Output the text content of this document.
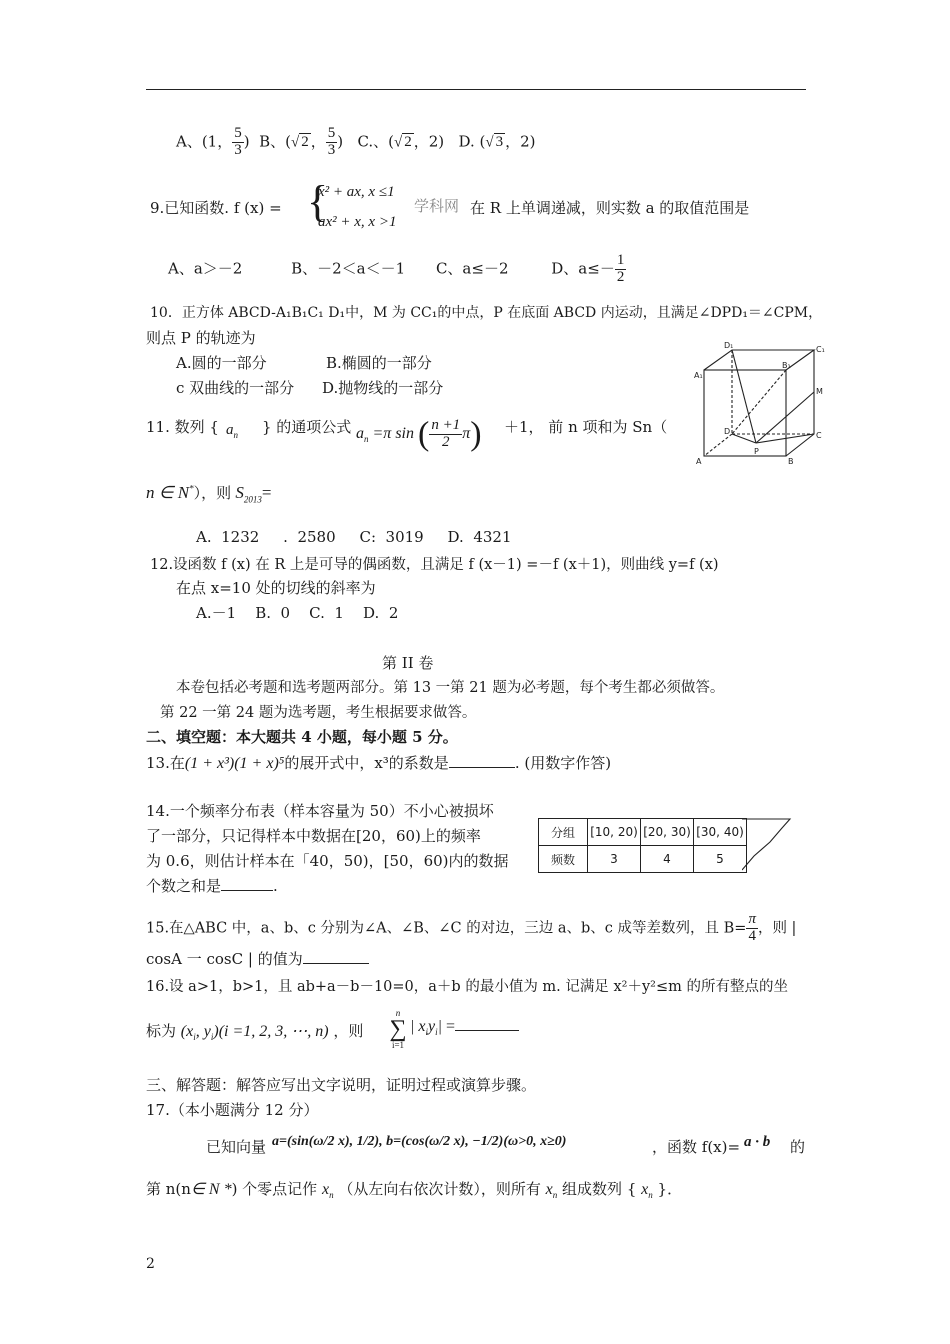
A、(1， $\frac{5}{3}$ ) B、(√ 2 ， $\frac{5}{3}$ ) C.、(√ 2 ，2) D. (√ 3 ，2)
9.已知函数. f (x) = {
x² + ax, x ≤1
ax² + x, x >1
学科网 在 R 上单调递减，则实数 a 的取值范围是
A、a＞－2	B、－2＜a＜－1 C、a≤－2	D、$a\le- \frac{1}{2}$
10．正方体 ABCD-A₁B₁C₁ D₁中，M 为 CC₁的中点，P 在底面 ABCD 内运动，且满足∠DPD₁＝∠CPM，
则点 P 的轨迹为
A.圆的一部分	B.椭圆的一部分
c 双曲线的一部分 D.抛物线的一部分
D₁
B₁
C₁
A₁
M
D	C
A
P
B
11. 数列 { $a_n$ } 的通项公式 $a_n =\pi$ sin ( $\frac{n +1}{2} \pi) +1$， 前 n 项和为 Sn（
n ∈ N*），则 $S_{2013}=$
A.  1232     .  2580     C:  3019     D.  4321
12.设函数 f (x) 在 R 上是可导的偶函数，且满足 f (x－1) =－f (x＋1)，则曲线 y=f (x)
在点 x=10 处的切线的斜率为
A.－1    B.  0    C.  1    D.  2
第 II 卷
本卷包括必考题和选考题两部分。第 13 一第 21 题为必考题，每个考生都必须做答。
第 22 一第 24 题为选考题，考生根据要求做答。
二、填空题：本大题共 4 小题，每小题 5 分。
13.在(1 + x³)(1 + x)⁵的展开式中，x³的系数是	. (用数字作答)
14.一个频率分布表（样本容量为 50）不小心被损坏
了一部分，只记得样本中数据在[20，60)上的频率
为 0.6，则估计样本在「40，50)，[50，60)内的数据
个数之和是	.
分组	[10, 20)	[20, 30)	[30, 40)
频数	3	4	5
15.在△ABC 中，a、b、c 分别为∠A、∠B、∠C 的对边，三边 a、b、c 成等差数列，且 $B= \frac{\pi}{4}$ ，则 |
cosA 一 cosC | 的值为
16.设 a>1，b>1，且 ab+a－b－10=0，a＋b 的最小值为 m. 记满足 x²＋y²≤m 的所有整点的坐
标为 ($x_i$, $y_i)(i =1$, 2, 3, ⋯, n) ，则
n
∑
i=1
| $x_iy_i|$ =
三、解答题：解答应写出文字说明，证明过程或演算步骤。
17.（本小题满分 12 分）
已知向量 a=(sin(ω/2 x), 1/2), b=(cos(ω/2 x), −1/2)(ω>0, x≥0)	，函数 f(x)= a · b 的
第 n(n∈ N *) 个零点记作 $x_n$ （从左向右依次计数），则所有 $x_n$ 组成数列 { $x_n$ }．
2
